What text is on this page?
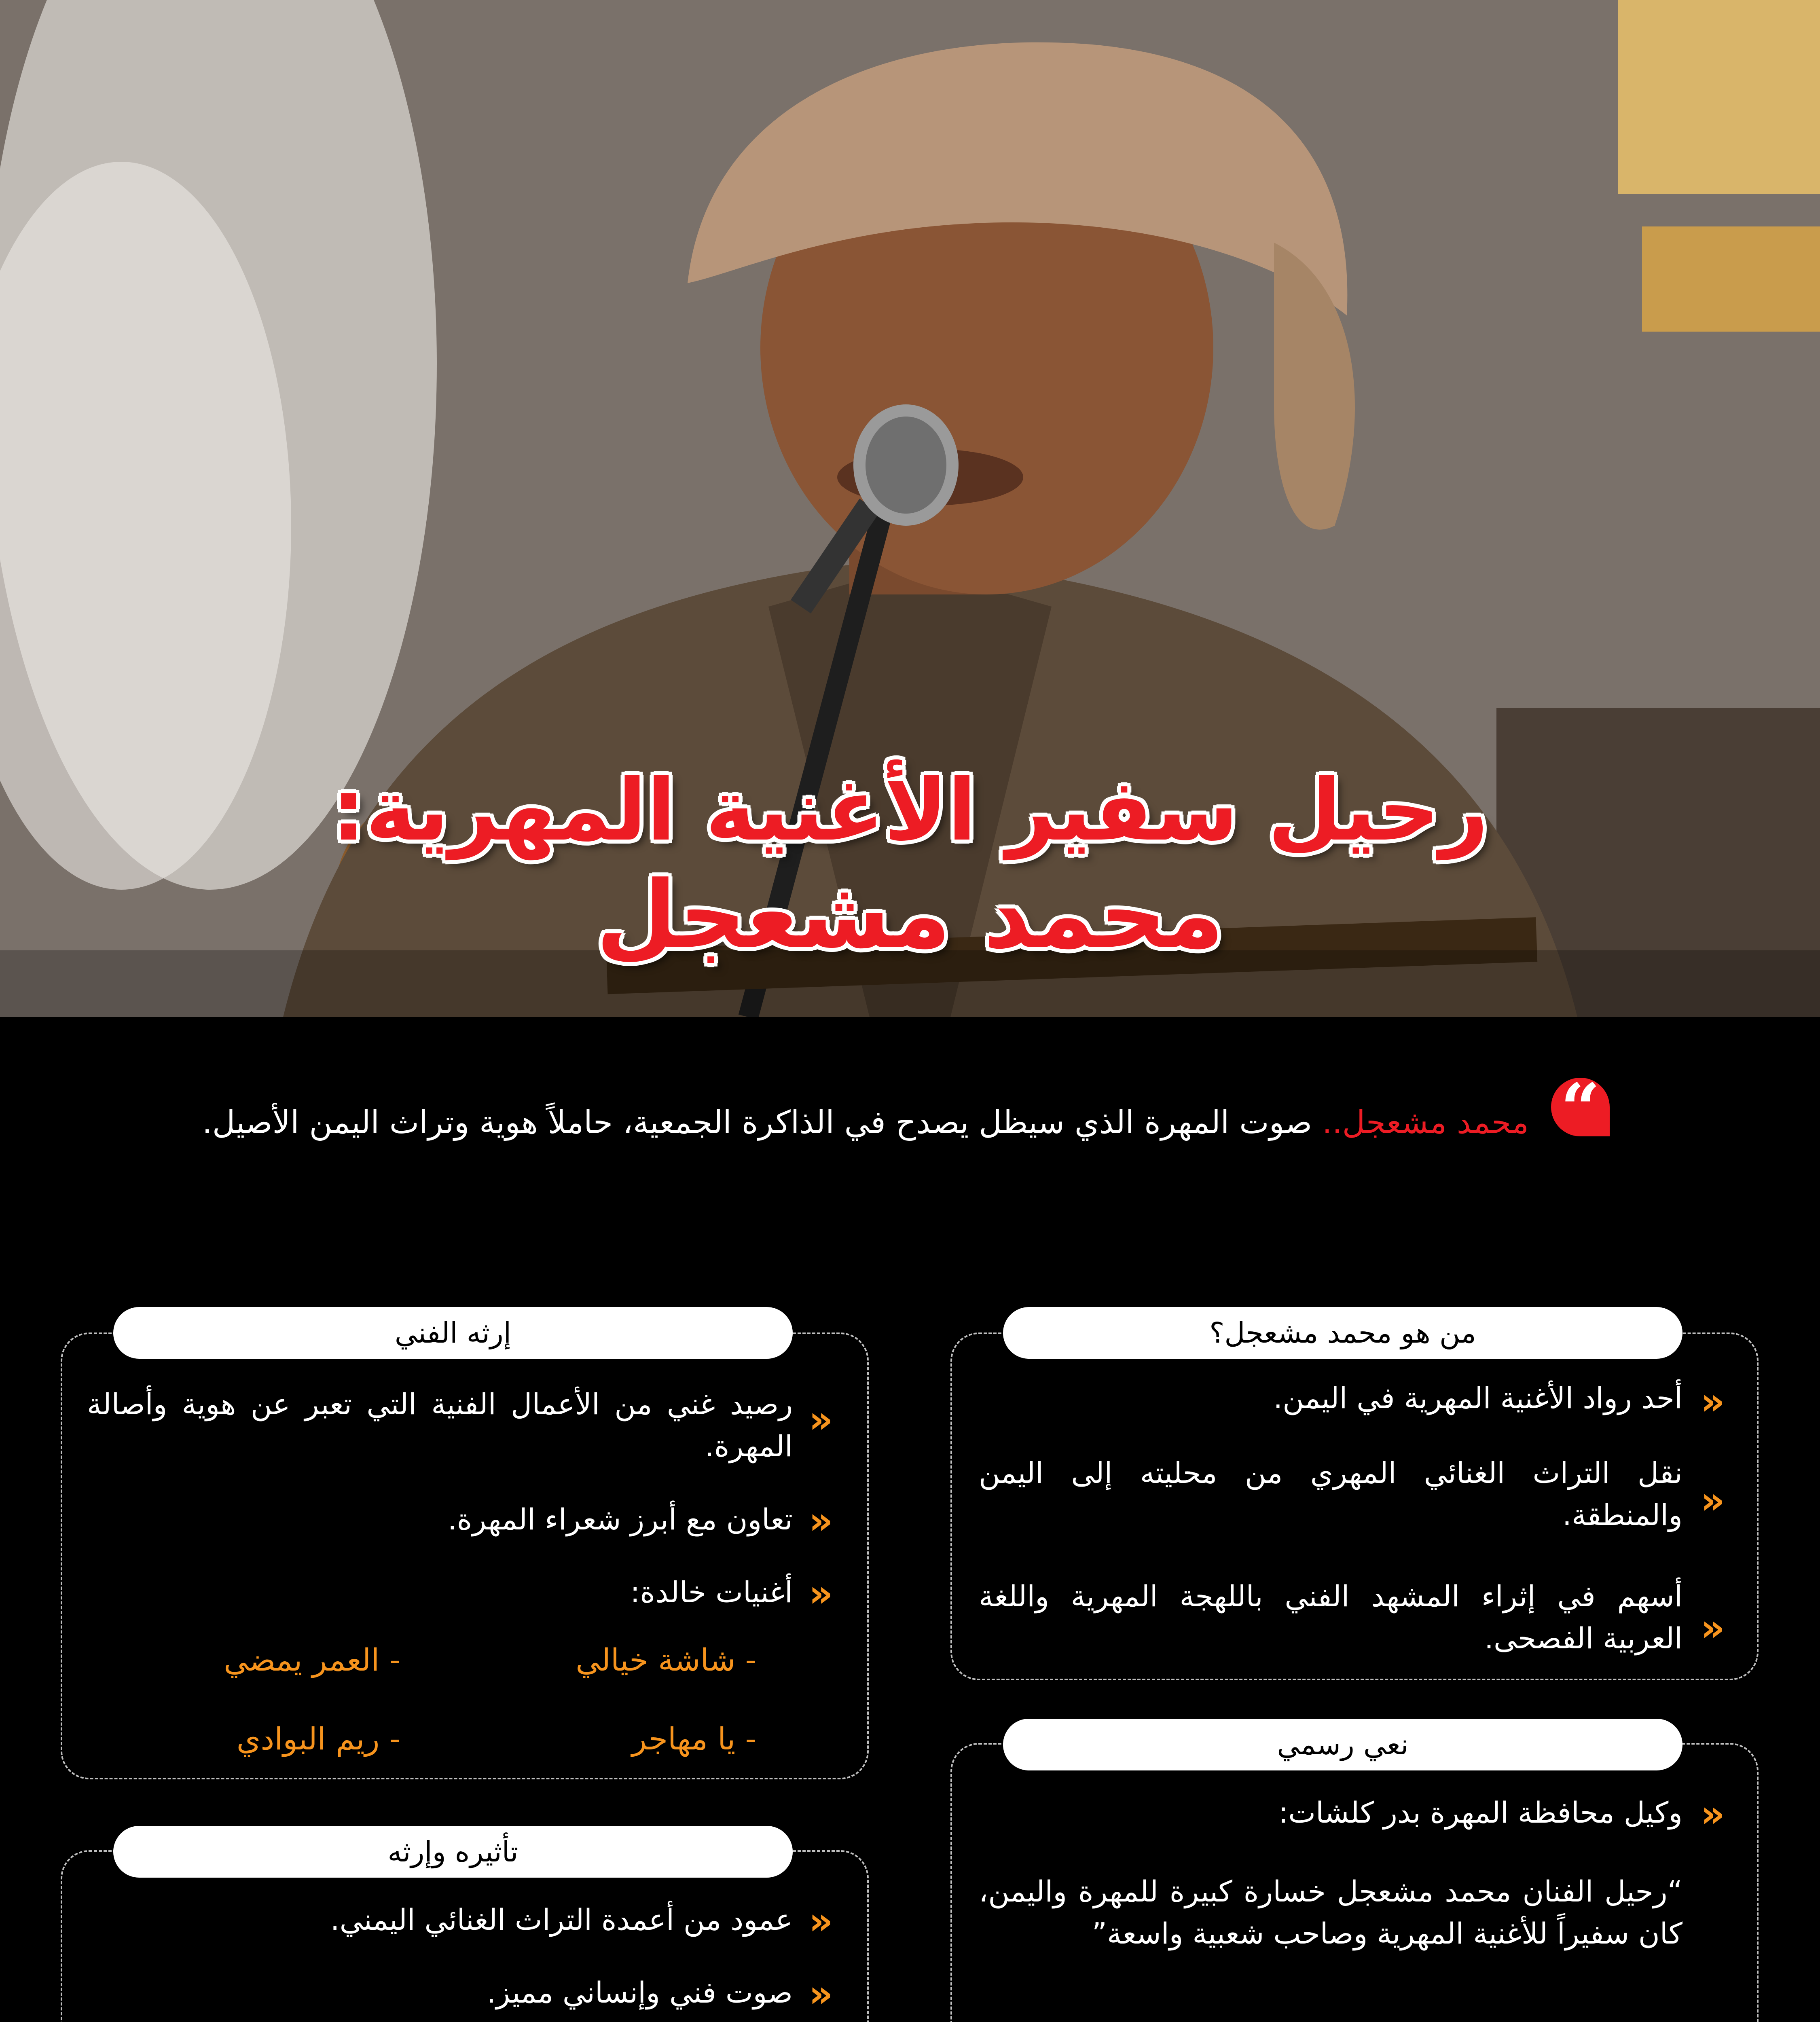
رحيل سفير الأغنية المهرية:
محمد مشعجل
“
محمد مشعجل.. صوت المهرة الذي سيظل يصدح في الذاكرة الجمعية، حاملاً هوية وتراث اليمن الأصيل.
من هو محمد مشعجل؟
«
أحد رواد الأغنية المهرية في اليمن.
«
نقل التراث الغنائي المهري من محليته إلى اليمن والمنطقة.
«
أسهم في إثراء المشهد الفني باللهجة المهرية واللغة العربية الفصحى.
نعي رسمي
«
وكيل محافظة المهرة بدر كلشات:
“رحيل الفنان محمد مشعجل خسارة كبيرة للمهرة واليمن، كان سفيراً للأغنية المهرية وصاحب شعبية واسعة”
إرثه الفني
«
رصيد غني من الأعمال الفنية التي تعبر عن هوية وأصالة المهرة.
«
تعاون مع أبرز شعراء المهرة.
«
أغنيات خالدة:
- شاشة خيالي
- العمر يمضي
- يا مهاجر
- ريم البوادي
تأثيره وإرثه
«
عمود من أعمدة التراث الغنائي اليمني.
«
صوت فني وإنساني مميز.
